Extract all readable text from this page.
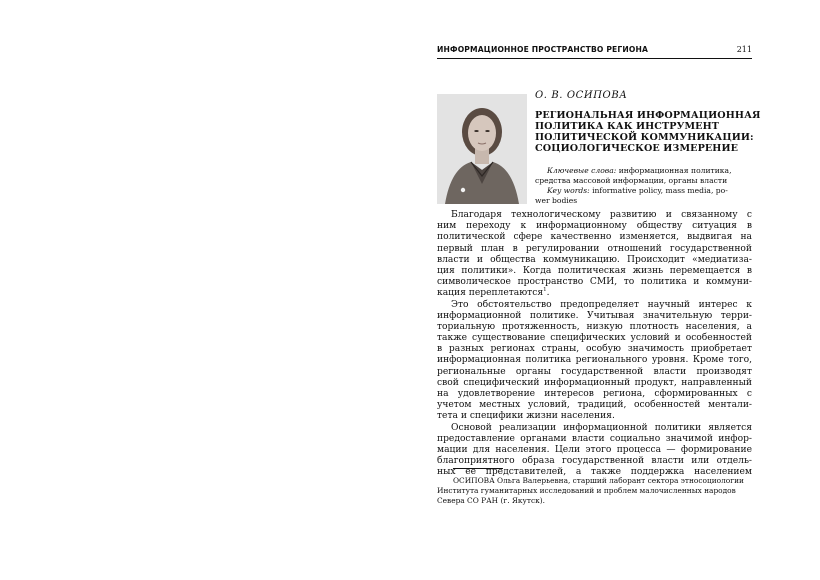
ИНФОРМАЦИОННОЕ ПРОСТРАНСТВО РЕГИОНА	211
О. В. ОСИПОВА
РЕГИОНАЛЬНАЯ ИНФОРМАЦИОННАЯ
ПОЛИТИКА КАК ИНСТРУМЕНТ
ПОЛИТИЧЕСКОЙ КОММУНИКАЦИИ:
СОЦИОЛОГИЧЕСКОЕ ИЗМЕРЕНИЕ
Ключевые слова: информационная политика,
средства массовой информации, органы власти
Key words: informative policy, mass media, po-
wer bodies
Благодаря технологическому развитию и связанному с
ним переходу к информационному обществу ситуация в
политической сфере качественно изменяется, выдвигая на
первый план в регулировании отношений государственной
власти и общества коммуникацию. Происходит «медиатиза-
ция политики». Когда политическая жизнь перемещается в
символическое пространство СМИ, то политика и коммуни-
кация переплетаются$^1$.
Это обстоятельство предопределяет научный интерес к
информационной политике. Учитывая значительную терри-
ториальную протяженность, низкую плотность населения, а
также существование специфических условий и особенностей
в разных регионах страны, особую значимость приобретает
информационная политика регионального уровня. Кроме того,
региональные органы государственной власти производят
свой специфический информационный продукт, направленный
на удовлетворение интересов региона, сформированных с
учетом местных условий, традиций, особенностей ментали-
тета и специфики жизни населения.
Основой реализации информационной политики является
предоставление органами власти социально значимой инфор-
мации для населения. Цели этого процесса — формирование
благоприятного образа государственной власти или отдель-
ных ее представителей, а также поддержка населением
ОСИПОВА Ольга Валерьевна, старший лаборант сектора этносоциологии
Института гуманитарных исследований и проблем малочисленных народов
Севера СО РАН (г. Якутск).
